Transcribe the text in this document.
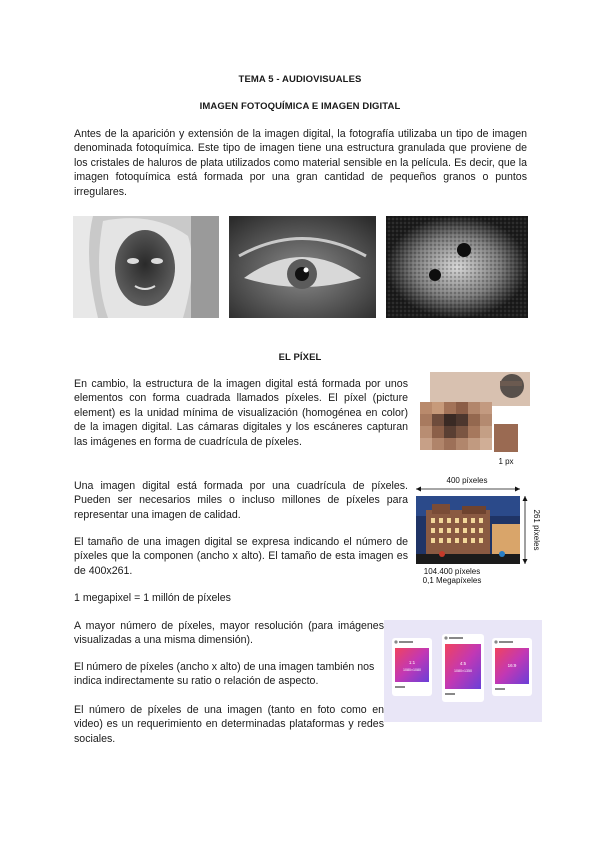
TEMA 5 - AUDIOVISUALES
IMAGEN FOTOQUÍMICA E IMAGEN DIGITAL

Antes de la aparición y extensión de la imagen digital, la fotografía utilizaba un tipo de imagen denominada fotoquímica. Este tipo de imagen tiene una estructura granulada que proviene de los cristales de haluros de plata utilizados como material sensible en la película. Es decir, que la imagen fotoquímica está formada por una gran cantidad de pequeños granos o puntos irregulares.

EL PÍXEL

En cambio, la estructura de la imagen digital está formada por unos elementos con forma cuadrada llamados píxeles. El píxel (picture element) es la unidad mínima de visualización (homogénea en color) de la imagen digital. Las cámaras digitales y los escáneres capturan las imágenes en forma de cuadrícula de píxeles.

1 px

Una imagen digital está formada por una cuadrícula de píxeles. Pueden ser necesarios miles o incluso millones de píxeles para representar una imagen de calidad.

400 píxeles
261 píxeles
104.400 píxeles
0,1 Megapíxeles

El tamaño de una imagen digital se expresa indicando el número de píxeles que la componen (ancho x alto). El tamaño de esta imagen es de 400x261.

1 megapixel = 1 millón de píxeles

A mayor número de píxeles, mayor resolución (para imágenes visualizadas a una misma dimensión).

El número de píxeles (ancho x alto) de una imagen también nos indica indirectamente su ratio o relación de aspecto.

El número de píxeles de una imagen (tanto en foto como en video) es un requerimiento en determinadas plataformas y redes sociales.

1:1
1080×1080
4:5
1080×1350
16:9
